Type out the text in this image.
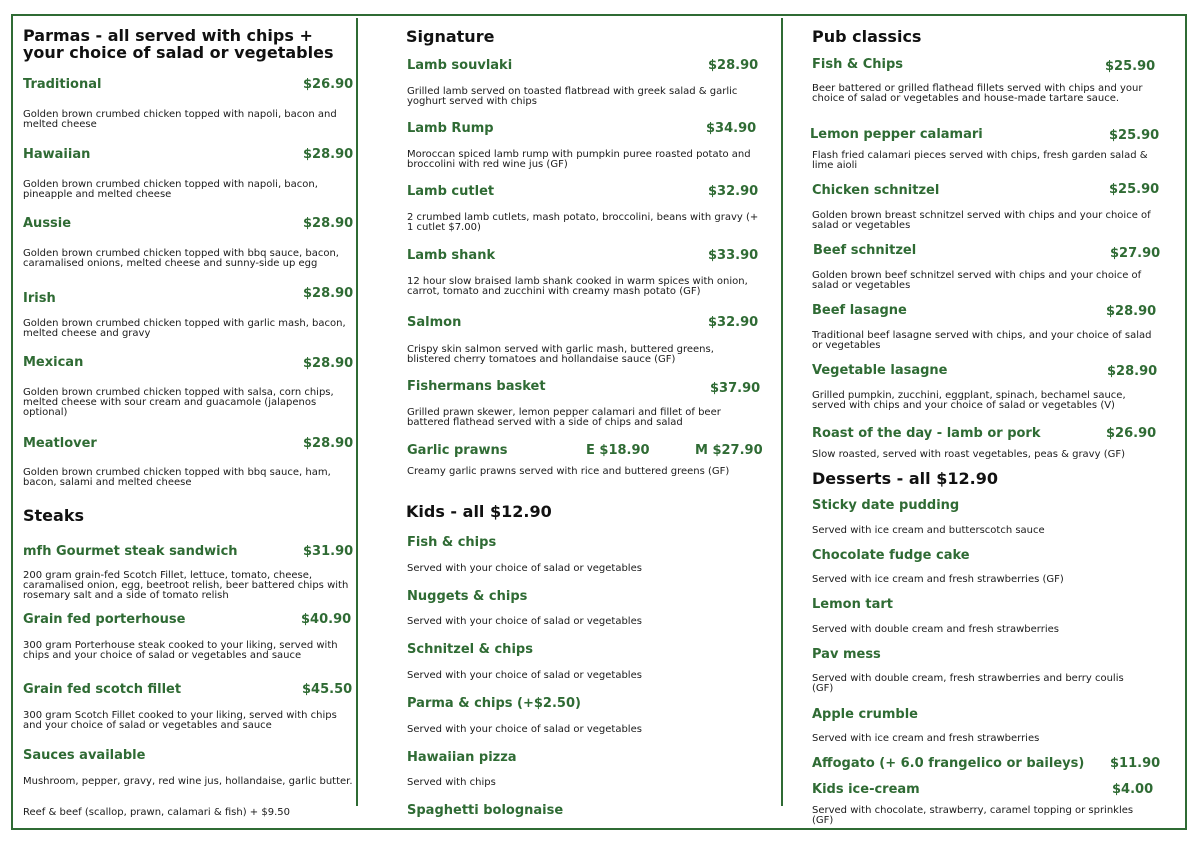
Parmas - all served with chips + your choice of salad or vegetables
Traditional	$26.90
Golden brown crumbed chicken topped with napoli, bacon and melted cheese
Hawaiian	$28.90
Golden brown crumbed chicken topped with napoli, bacon, pineapple and melted cheese
Aussie	$28.90
Golden brown crumbed chicken topped with bbq sauce, bacon, caramalised onions, melted cheese and sunny-side up egg
Irish	$28.90
Golden brown crumbed chicken topped with garlic mash, bacon, melted cheese and gravy
Mexican	$28.90
Golden brown crumbed chicken topped with salsa, corn chips, melted cheese with sour cream and guacamole (jalapenos optional)
Meatlover	$28.90
Golden brown crumbed chicken topped with bbq sauce, ham, bacon, salami and melted cheese
Steaks
mfh Gourmet steak sandwich	$31.90
200 gram grain-fed Scotch Fillet, lettuce, tomato, cheese, caramalised onion, egg, beetroot relish, beer battered chips with rosemary salt and a side of tomato relish
Grain fed porterhouse	$40.90
300 gram Porterhouse steak cooked to your liking, served with chips and your choice of salad or vegetables and sauce
Grain fed scotch fillet	$45.50
300 gram Scotch Fillet cooked to your liking, served with chips and your choice of salad or vegetables and sauce
Sauces available
Mushroom, pepper, gravy, red wine jus, hollandaise, garlic butter.
Reef & beef (scallop, prawn, calamari & fish) + $9.50
Signature
Lamb souvlaki	$28.90
Grilled lamb served on toasted flatbread with greek salad & garlic yoghurt served with chips
Lamb Rump	$34.90
Moroccan spiced lamb rump with pumpkin puree roasted potato and broccolini with red wine jus (GF)
Lamb cutlet	$32.90
2 crumbed lamb cutlets, mash potato, broccolini, beans with gravy (+ 1 cutlet $7.00)
Lamb shank	$33.90
12 hour slow braised lamb shank cooked in warm spices with onion, carrot, tomato and zucchini with creamy mash potato (GF)
Salmon	$32.90
Crispy skin salmon served with garlic mash, buttered greens, blistered cherry tomatoes and hollandaise sauce (GF)
Fishermans basket	$37.90
Grilled prawn skewer, lemon pepper calamari and fillet of beer battered flathead served with a side of chips and salad
Garlic prawns	E $18.90	M $27.90
Creamy garlic prawns served with rice and buttered greens (GF)
Kids - all $12.90
Fish & chips
Served with your choice of salad or vegetables
Nuggets & chips
Served with your choice of salad or vegetables
Schnitzel & chips
Served with your choice of salad or vegetables
Parma & chips (+$2.50)
Served with your choice of salad or vegetables
Hawaiian pizza
Served with chips
Spaghetti bolognaise
Pub classics
Fish & Chips	$25.90
Beer battered or grilled flathead fillets served with chips and your choice of salad or vegetables and house-made tartare sauce.
Lemon pepper calamari	$25.90
Flash fried calamari pieces served with chips, fresh garden salad & lime aioli
Chicken schnitzel	$25.90
Golden brown breast schnitzel served with chips and your choice of salad or vegetables
Beef schnitzel	$27.90
Golden brown beef schnitzel served with chips and your choice of salad or vegetables
Beef lasagne	$28.90
Traditional beef lasagne served with chips, and your choice of salad or vegetables
Vegetable lasagne	$28.90
Grilled pumpkin, zucchini, eggplant, spinach, bechamel sauce, served with chips and your choice of salad or vegetables (V)
Roast of the day - lamb or pork	$26.90
Slow roasted, served with roast vegetables, peas & gravy (GF)
Desserts - all $12.90
Sticky date pudding
Served with ice cream and butterscotch sauce
Chocolate fudge cake
Served with ice cream and fresh strawberries (GF)
Lemon tart
Served with double cream and fresh strawberries
Pav mess
Served with double cream, fresh strawberries and berry coulis (GF)
Apple crumble
Served with ice cream and fresh strawberries
Affogato (+ 6.0 frangelico or baileys) $11.90
Kids ice-cream	$4.00
Served with chocolate, strawberry, caramel topping or sprinkles (GF)
